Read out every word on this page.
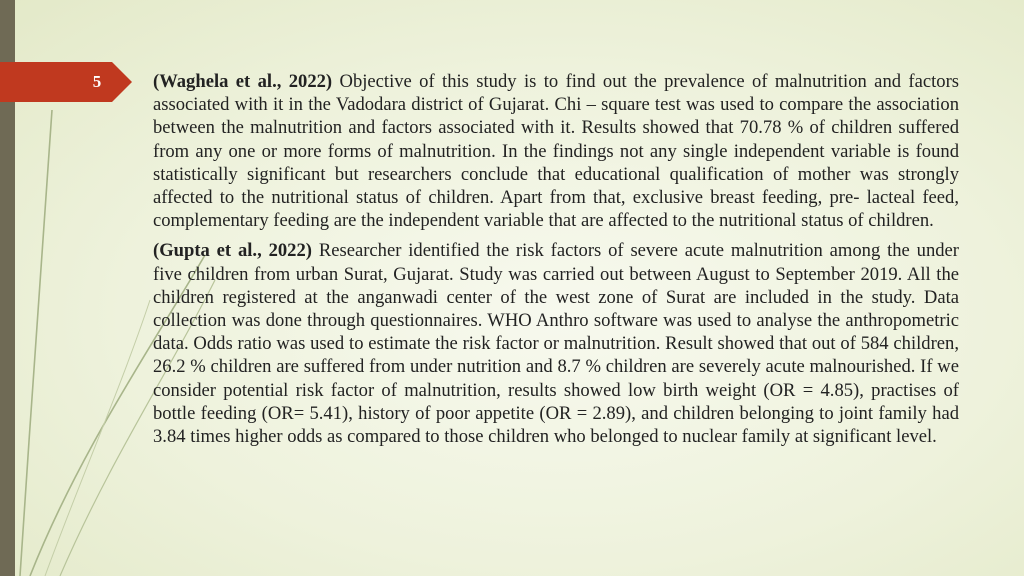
5	(Waghela et al., 2022) Objective of this study is to find out the prevalence of malnutrition and factors associated with it in the Vadodara district of Gujarat. Chi – square test was used to compare the association between the malnutrition and factors associated with it. Results showed that 70.78 % of children suffered from any one or more forms of malnutrition. In the findings not any single independent variable is found statistically significant but researchers conclude that educational qualification of mother was strongly affected to the nutritional status of children. Apart from that, exclusive breast feeding, pre- lacteal feed, complementary feeding are the independent variable that are affected to the nutritional status of children.

(Gupta et al., 2022) Researcher identified the risk factors of severe acute malnutrition among the under five children from urban Surat, Gujarat. Study was carried out between August to September 2019. All the children registered at the anganwadi center of the west zone of Surat are included in the study. Data collection was done through questionnaires. WHO Anthro software was used to analyse the anthropometric data. Odds ratio was used to estimate the risk factor or malnutrition. Result showed that out of 584 children, 26.2 % children are suffered from under nutrition and 8.7 % children are severely acute malnourished. If we consider potential risk factor of malnutrition, results showed low birth weight (OR = 4.85), practises of bottle feeding (OR= 5.41), history of poor appetite (OR = 2.89), and children belonging to joint family had 3.84 times higher odds as compared to those children who belonged to nuclear family at significant level.
